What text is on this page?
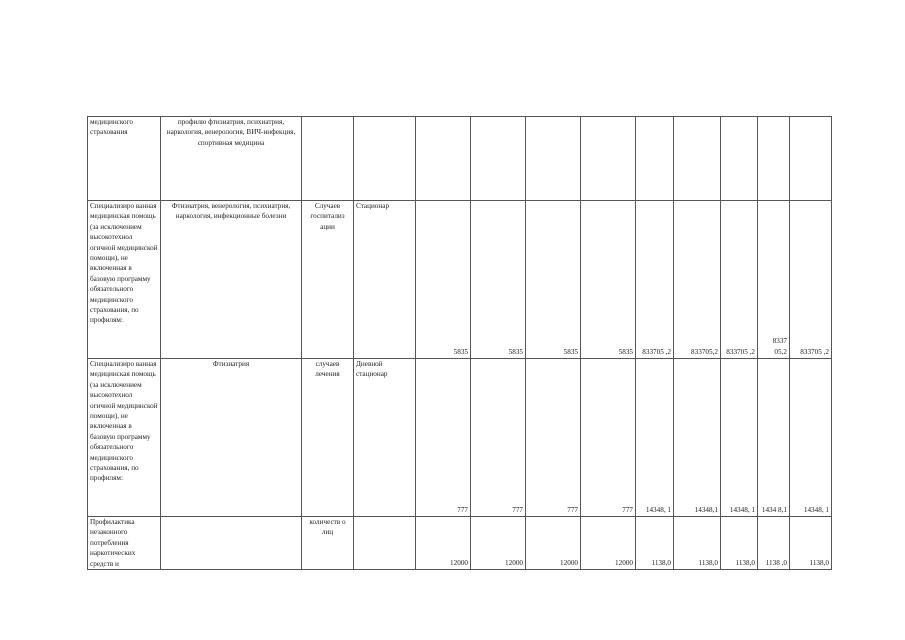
медицинского страхования	профилю фтизиатрия, психиатрия, наркология, венерология, ВИЧ-инфекция, спортивная медицина											
Специализиро ванная медицинская помощь (за исключением высокотехнол огичной медицинской помощи), не включенная в базовую программу обязательного медицинского страхования, по профилям:	Фтизиатрия, венерология, психиатрия, наркология, инфекционные болезни	Случаев госпитализ ации	Стационар	5835	5835	5835	5835	833705 ,2	833705,2	833705 ,2	8337 05,2	833705 ,2
Специализиро ванная медицинская помощь (за исключением высокотехнол огичной медицинской помощи), не включенная в базовую программу обязательного медицинского страхования, по профилям:	Фтизиатрия	случаев лечения	Дневной стационар	777	777	777	777	14348, 1	14348,1	14348, 1	1434 8,1	14348, 1
Профилактика незаконного потребления наркотических средств и		количеств о лиц		12000	12000	12000	12000	1138,0	1138,0	1138,0	1138 ,0	1138,0
